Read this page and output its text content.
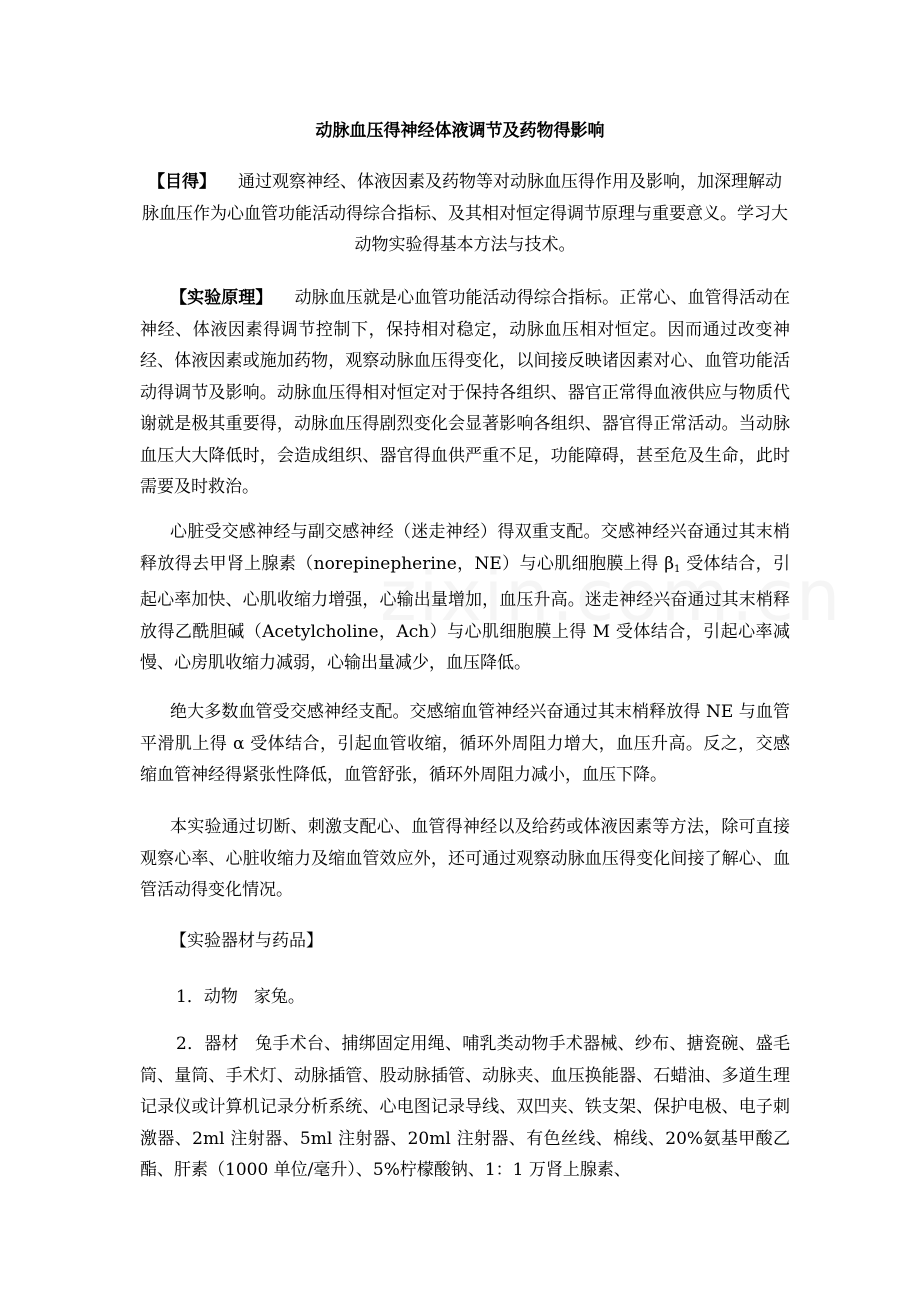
动脉血压得神经体液调节及药物得影响
【目得】 通过观察神经、体液因素及药物等对动脉血压得作用及影响，加深理解动脉血压作为心血管功能活动得综合指标、及其相对恒定得调节原理与重要意义。学习大动物实验得基本方法与技术。
【实验原理】 动脉血压就是心血管功能活动得综合指标。正常心、血管得活动在神经、体液因素得调节控制下，保持相对稳定，动脉血压相对恒定。因而通过改变神经、体液因素或施加药物，观察动脉血压得变化，以间接反映诸因素对心、血管功能活动得调节及影响。动脉血压得相对恒定对于保持各组织、器官正常得血液供应与物质代谢就是极其重要得，动脉血压得剧烈变化会显著影响各组织、器官得正常活动。当动脉血压大大降低时，会造成组织、器官得血供严重不足，功能障碍，甚至危及生命，此时需要及时救治。
心脏受交感神经与副交感神经（迷走神经）得双重支配。交感神经兴奋通过其末梢释放得去甲肾上腺素（norepinepherine，NE）与心肌细胞膜上得 $\beta_1$ 受体结合，引起心率加快、心肌收缩力增强，心输出量增加，血压升高。迷走神经兴奋通过其末梢释放得乙酰胆碱（Acetylcholine，Ach）与心肌细胞膜上得 M 受体结合，引起心率减慢、心房肌收缩力减弱，心输出量减少，血压降低。
绝大多数血管受交感神经支配。交感缩血管神经兴奋通过其末梢释放得 NE 与血管平滑肌上得 α 受体结合，引起血管收缩，循环外周阻力增大，血压升高。反之，交感缩血管神经得紧张性降低，血管舒张，循环外周阻力减小，血压下降。
本实验通过切断、刺激支配心、血管得神经以及给药或体液因素等方法，除可直接观察心率、心脏收缩力及缩血管效应外，还可通过观察动脉血压得变化间接了解心、血管活动得变化情况。
【实验器材与药品】
1．动物 家兔。
2．器材 兔手术台、捕绑固定用绳、哺乳类动物手术器械、纱布、搪瓷碗、盛毛筒、量筒、手术灯、动脉插管、股动脉插管、动脉夹、血压换能器、石蜡油、多道生理记录仪或计算机记录分析系统、心电图记录导线、双凹夹、铁支架、保护电极、电子刺激器、2ml 注射器、5ml 注射器、20ml 注射器、有色丝线、棉线、20%氨基甲酸乙酯、肝素（1000 单位/毫升）、5%柠檬酸钠、1：1 万肾上腺素、
